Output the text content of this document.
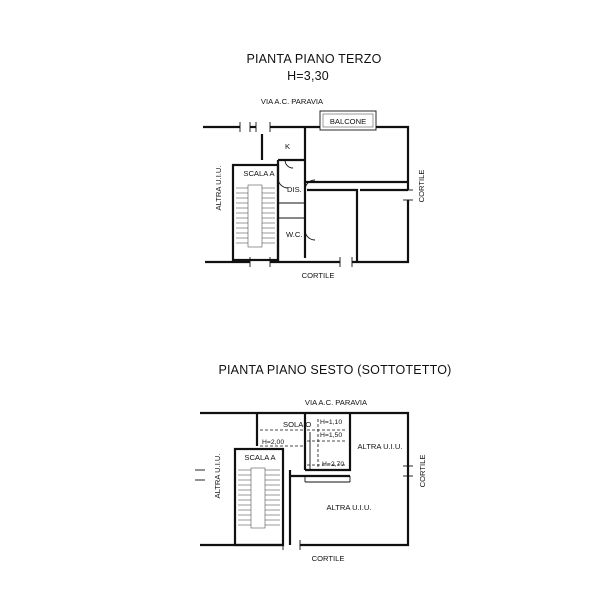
PIANTA PIANO TERZO
H=3,30
VIA A.C. PARAVIA
BALCONE
SCALA A
K
DIS.
W.C.
ALTRA U.I.U.	CORTILE
CORTILE
PIANTA PIANO SESTO (SOTTOTETTO)
VIA A.C. PARAVIA
SCALA A
SOLAIO H=1,10
H=1,50
H=2,00
H=2,70
ALTRA U.I.U.
ALTRA U.I.U.
ALTRA U.I.U.	CORTILE
CORTILE
